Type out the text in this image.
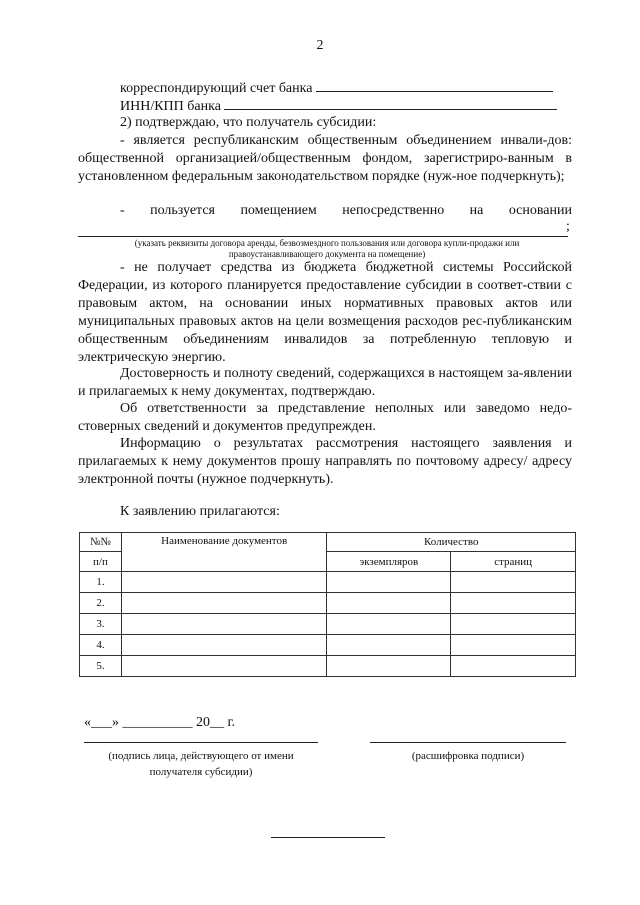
2
корреспондирующий счет банка
ИНН/КПП банка
2) подтверждаю, что получатель субсидии:
- является республиканским общественным объединением инвали-дов: общественной организацией/общественным фондом, зарегистриро-ванным в установленном федеральным законодательством порядке (нуж-ное подчеркнуть);
- пользуется помещением непосредственно на основании
;
(указать реквизиты договора аренды, безвозмездного пользования или договора купли-продажи или правоустанавливающего документа на помещение)
- не получает средства из бюджета бюджетной системы Российской Федерации, из которого планируется предоставление субсидии в соответ-ствии с правовым актом, на основании иных нормативных правовых актов или муниципальных правовых актов на цели возмещения расходов рес-публиканским общественным объединениям инвалидов за потребленную тепловую и электрическую энергию.
Достоверность и полноту сведений, содержащихся в настоящем за-явлении и прилагаемых к нему документах, подтверждаю.
Об ответственности за представление неполных или заведомо недо-стоверных сведений и документов предупрежден.
Информацию о результатах рассмотрения настоящего заявления и прилагаемых к нему документов прошу направлять по почтовому адресу/ адресу электронной почты (нужное подчеркнуть).
К заявлению прилагаются:
№№	Наименование документов	Количество	
п/п		экземпляров	страниц
1.			
2.			
3.			
4.			
5.			
«___» __________ 20__ г.
(подпись лица, действующего от имени получателя субсидии)
(расшифровка подписи)
